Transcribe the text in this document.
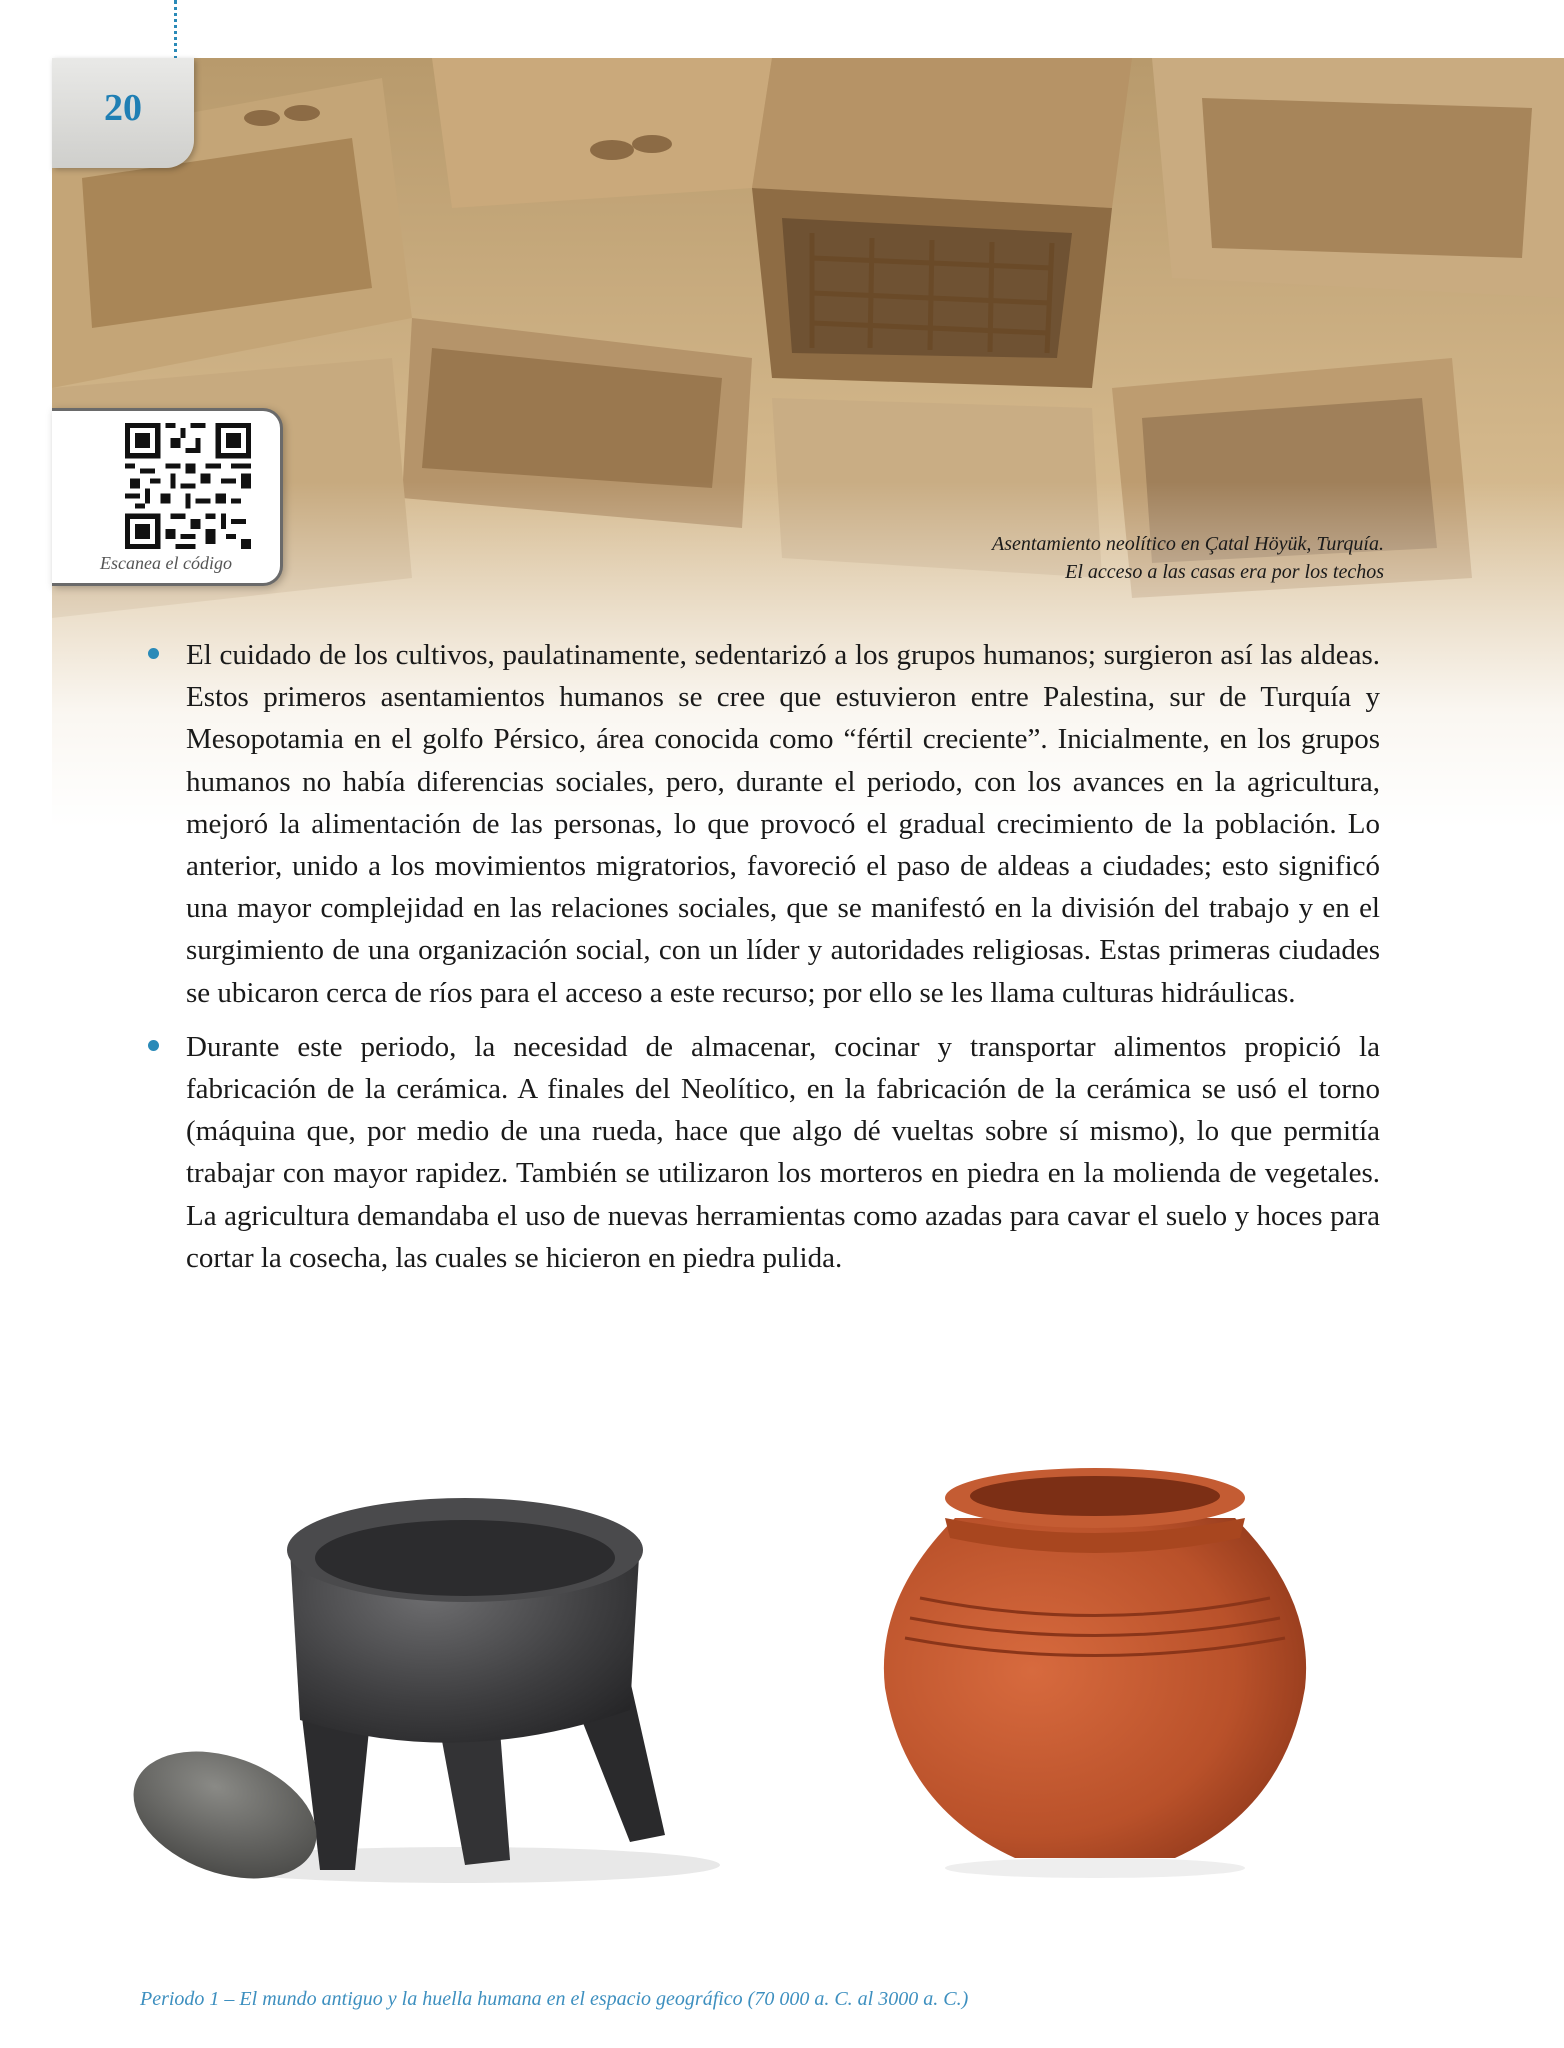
20
Escanea el código
Asentamiento neolítico en Çatal Höyük, Turquía.
El acceso a las casas era por los techos

El cuidado de los cultivos, paulatinamente, sedentarizó a los grupos humanos; surgieron así las aldeas. Estos primeros asentamientos humanos se cree que estuvieron entre Palestina, sur de Turquía y Mesopotamia en el golfo Pérsico, área conocida como “fértil creciente”. Inicialmente, en los grupos humanos no había diferencias sociales, pero, durante el periodo, con los avances en la agricultura, mejoró la alimentación de las personas, lo que provocó el gradual crecimiento de la población. Lo anterior, unido a los movimientos migratorios, favoreció el paso de aldeas a ciudades; esto significó una mayor complejidad en las relaciones sociales, que se manifestó en la división del trabajo y en el surgimiento de una organización social, con un líder y autoridades religiosas. Estas primeras ciudades se ubicaron cerca de ríos para el acceso a este recurso; por ello se les llama culturas hidráulicas.

Durante este periodo, la necesidad de almacenar, cocinar y transportar alimentos propició la fabricación de la cerámica. A finales del Neolítico, en la fabricación de la cerámica se usó el torno (máquina que, por medio de una rueda, hace que algo dé vueltas sobre sí mismo), lo que permitía trabajar con mayor rapidez. También se utilizaron los morteros en piedra en la molienda de vegetales. La agricultura demandaba el uso de nuevas herramientas como azadas para cavar el suelo y hoces para cortar la cosecha, las cuales se hicieron en piedra pulida.

Periodo 1 – El mundo antiguo y la huella humana en el espacio geográfico (70 000 a. C. al 3000 a. C.)
